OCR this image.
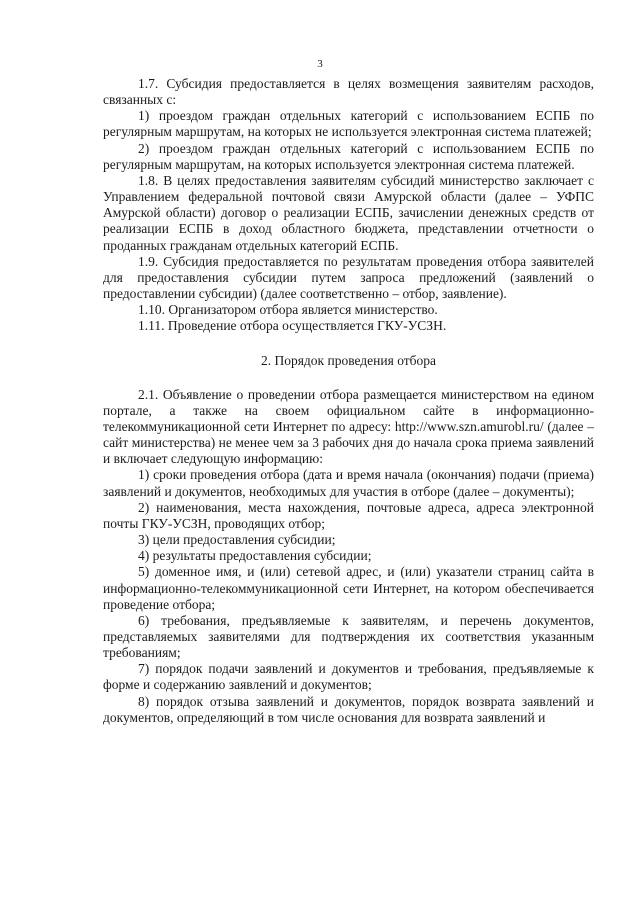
3

1.7. Субсидия предоставляется в целях возмещения заявителям расходов, связанных с:

1) проездом граждан отдельных категорий с использованием ЕСПБ по регулярным маршрутам, на которых не используется электронная система платежей;

2) проездом граждан отдельных категорий с использованием ЕСПБ по регулярным маршрутам, на которых используется электронная система платежей.

1.8. В целях предоставления заявителям субсидий министерство заключает с Управлением федеральной почтовой связи Амурской области (далее – УФПС Амурской области) договор о реализации ЕСПБ, зачислении денежных средств от реализации ЕСПБ в доход областного бюджета, представлении отчетности о проданных гражданам отдельных категорий ЕСПБ.

1.9. Субсидия предоставляется по результатам проведения отбора заявителей для предоставления субсидии путем запроса предложений (заявлений о предоставлении субсидии) (далее соответственно – отбор, заявление).

1.10. Организатором отбора является министерство.

1.11. Проведение отбора осуществляется ГКУ-УСЗН.

2. Порядок проведения отбора

2.1. Объявление о проведении отбора размещается министерством на едином портале, а также на своем официальном сайте в информационно-телекоммуникационной сети Интернет по адресу: http://www.szn.amurobl.ru/ (далее – сайт министерства) не менее чем за 3 рабочих дня до начала срока приема заявлений и включает следующую информацию:

1) сроки проведения отбора (дата и время начала (окончания) подачи (приема) заявлений и документов, необходимых для участия в отборе (далее – документы);

2) наименования, места нахождения, почтовые адреса, адреса электронной почты ГКУ-УСЗН, проводящих отбор;

3) цели предоставления субсидии;

4) результаты предоставления субсидии;

5) доменное имя, и (или) сетевой адрес, и (или) указатели страниц сайта в информационно-телекоммуникационной сети Интернет, на котором обеспечивается проведение отбора;

6) требования, предъявляемые к заявителям, и перечень документов, представляемых заявителями для подтверждения их соответствия указанным требованиям;

7) порядок подачи заявлений и документов и требования, предъявляемые к форме и содержанию заявлений и документов;

8) порядок отзыва заявлений и документов, порядок возврата заявлений и документов, определяющий в том числе основания для возврата заявлений и
